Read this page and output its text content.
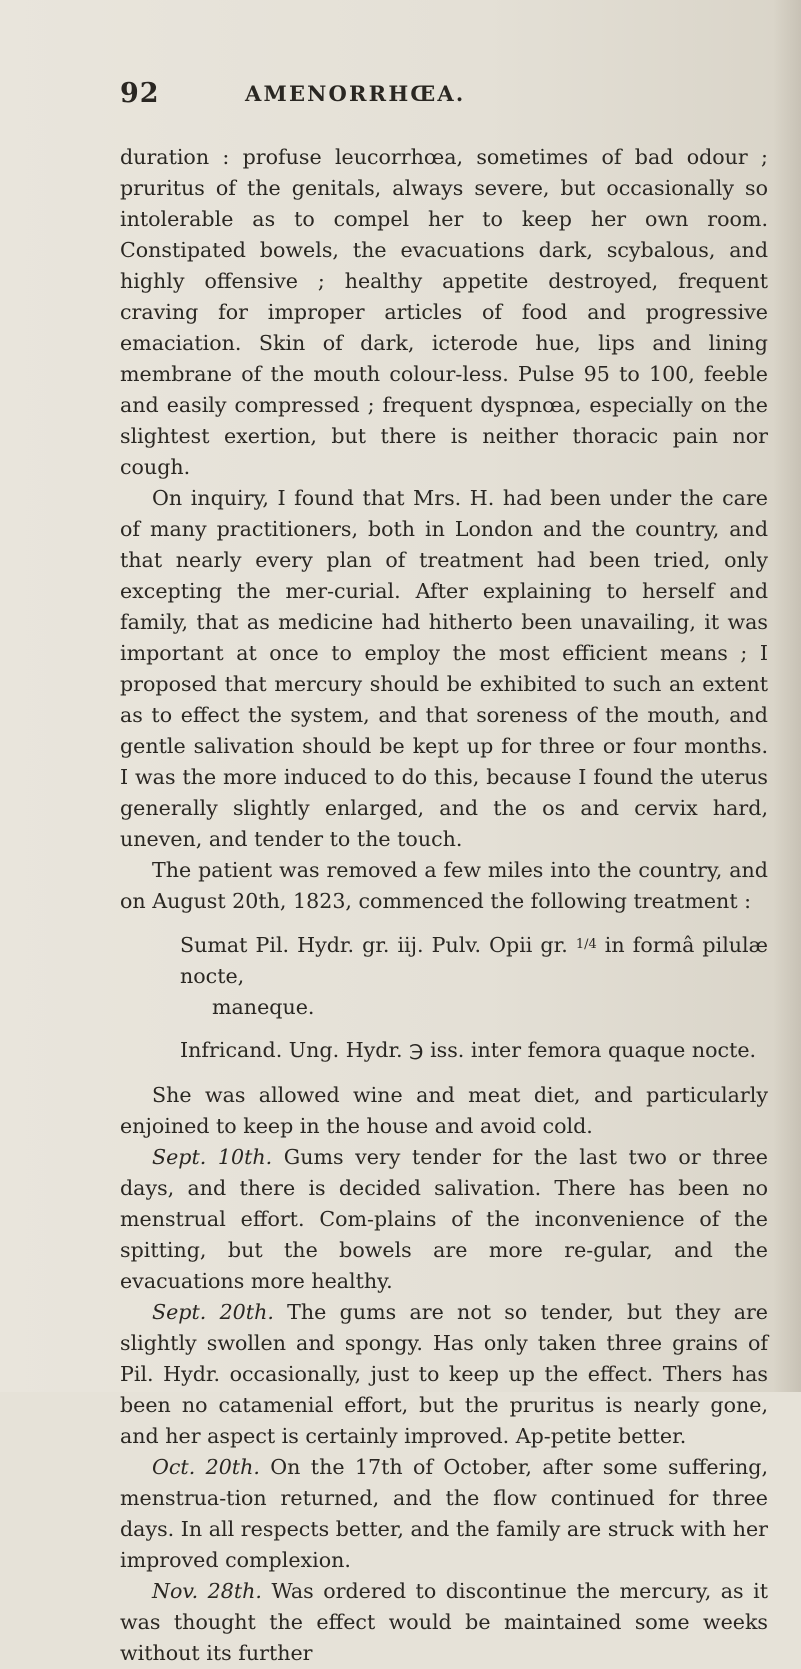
92	AMENORRHŒA.

duration : profuse leucorrhœa, sometimes of bad odour ; pruritus of the genitals, always severe, but occasionally so intolerable as to compel her to keep her own room. Constipated bowels, the evacuations dark, scybalous, and highly offensive ; healthy appetite destroyed, frequent craving for improper articles of food and progressive emaciation. Skin of dark, icterode hue, lips and lining membrane of the mouth colour-less. Pulse 95 to 100, feeble and easily compressed ; frequent dyspnœa, especially on the slightest exertion, but there is neither thoracic pain nor cough.

On inquiry, I found that Mrs. H. had been under the care of many practitioners, both in London and the country, and that nearly every plan of treatment had been tried, only excepting the mer-curial. After explaining to herself and family, that as medicine had hitherto been unavailing, it was important at once to employ the most efficient means ; I proposed that mercury should be exhibited to such an extent as to effect the system, and that soreness of the mouth, and gentle salivation should be kept up for three or four months. I was the more induced to do this, because I found the uterus generally slightly enlarged, and the os and cervix hard, uneven, and tender to the touch.

The patient was removed a few miles into the country, and on August 20th, 1823, commenced the following treatment :

Sumat Pil. Hydr. gr. iij. Pulv. Opii gr. 1/4 in formâ pilulæ nocte,

maneque.

Infricand. Ung. Hydr. ℈ iss. inter femora quaque nocte.

She was allowed wine and meat diet, and particularly enjoined to keep in the house and avoid cold.

Sept. 10th. Gums very tender for the last two or three days, and there is decided salivation. There has been no menstrual effort. Com-plains of the inconvenience of the spitting, but the bowels are more re-gular, and the evacuations more healthy.

Sept. 20th. The gums are not so tender, but they are slightly swollen and spongy. Has only taken three grains of Pil. Hydr. occasionally, just to keep up the effect. Thers has been no catamenial effort, but the pruritus is nearly gone, and her aspect is certainly improved. Ap-petite better.

Oct. 20th. On the 17th of October, after some suffering, menstrua-tion returned, and the flow continued for three days. In all respects better, and the family are struck with her improved complexion.

Nov. 28th. Was ordered to discontinue the mercury, as it was thought the effect would be maintained some weeks without its further
